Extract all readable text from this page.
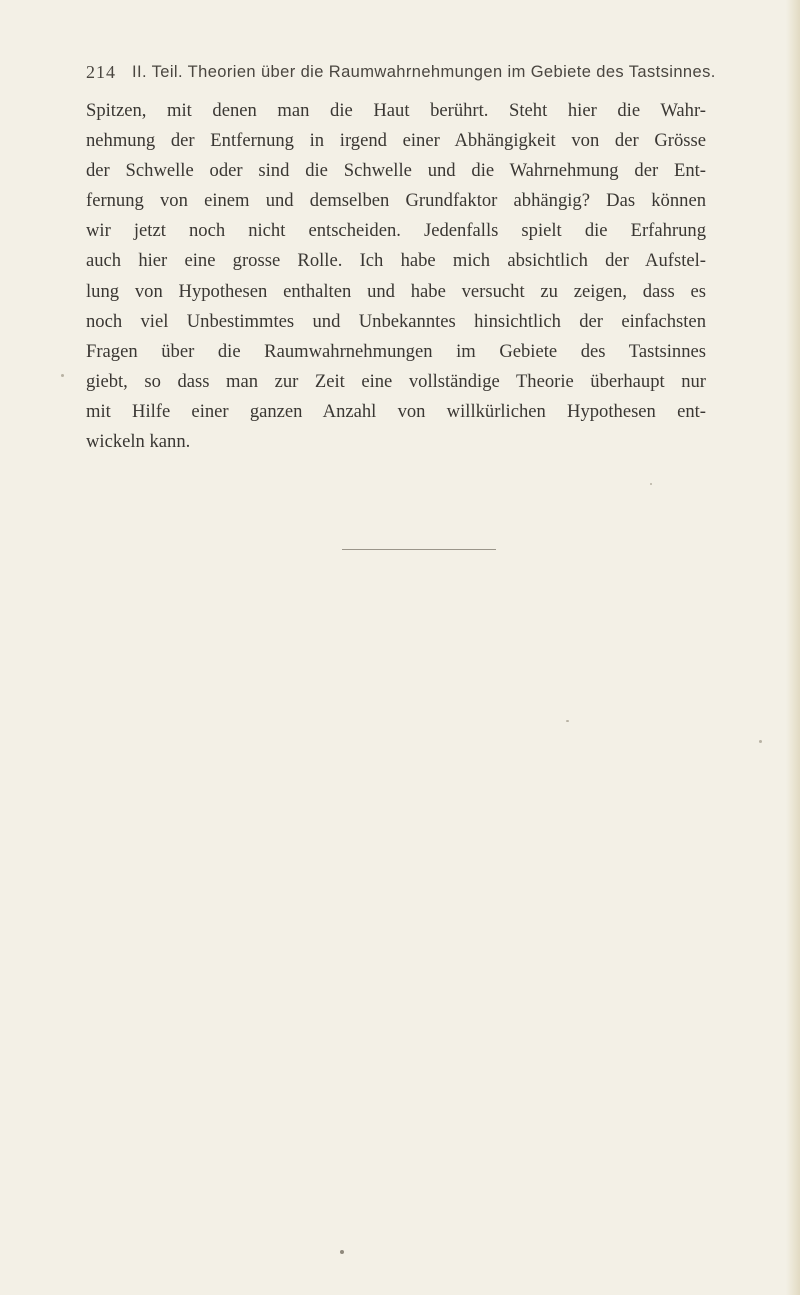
214 II. Teil. Theorien über die Raumwahrnehmungen im Gebiete des Tastsinnes.
Spitzen, mit denen man die Haut berührt. Steht hier die Wahr-
nehmung der Entfernung in irgend einer Abhängigkeit von der Grösse
der Schwelle oder sind die Schwelle und die Wahrnehmung der Ent-
fernung von einem und demselben Grundfaktor abhängig? Das können
wir jetzt noch nicht entscheiden. Jedenfalls spielt die Erfahrung
auch hier eine grosse Rolle. Ich habe mich absichtlich der Aufstel-
lung von Hypothesen enthalten und habe versucht zu zeigen, dass es
noch viel Unbestimmtes und Unbekanntes hinsichtlich der einfachsten
Fragen über die Raumwahrnehmungen im Gebiete des Tastsinnes
giebt, so dass man zur Zeit eine vollständige Theorie überhaupt nur
mit Hilfe einer ganzen Anzahl von willkürlichen Hypothesen ent-
wickeln kann.
